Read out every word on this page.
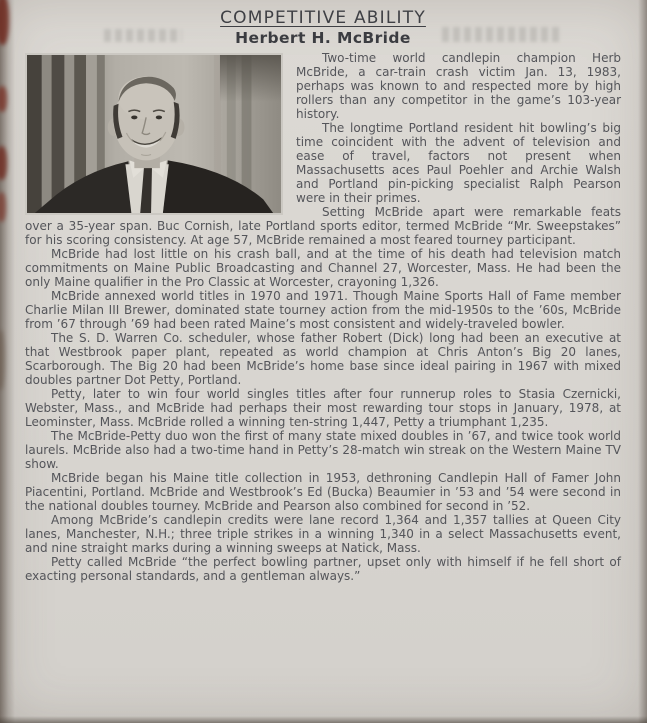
COMPETITIVE ABILITY
Herbert H. McBride

Two-time world candlepin champion Herb McBride, a car-train crash victim Jan. 13, 1983, perhaps was known to and respected more by high rollers than any competitor in the game’s 103-year history.

The longtime Portland resident hit bowling’s big time coincident with the advent of television and ease of travel, factors not present when Massachusetts aces Paul Poehler and Archie Walsh and Portland pin-picking specialist Ralph Pearson were in their primes.

Setting McBride apart were remarkable feats over a 35-year span. Buc Cornish, late Portland sports editor, termed McBride “Mr. Sweepstakes” for his scoring consistency. At age 57, McBride remained a most feared tourney participant.

McBride had lost little on his crash ball, and at the time of his death had television match commitments on Maine Public Broadcasting and Channel 27, Worcester, Mass. He had been the only Maine qualifier in the Pro Classic at Worcester, crayoning 1,326.

McBride annexed world titles in 1970 and 1971. Though Maine Sports Hall of Fame member Charlie Milan III Brewer, dominated state tourney action from the mid-1950s to the ’60s, McBride from ’67 through ’69 had been rated Maine’s most consistent and widely-traveled bowler.

The S. D. Warren Co. scheduler, whose father Robert (Dick) long had been an executive at that Westbrook paper plant, repeated as world champion at Chris Anton’s Big 20 lanes, Scarborough. The Big 20 had been McBride’s home base since ideal pairing in 1967 with mixed doubles partner Dot Petty, Portland.

Petty, later to win four world singles titles after four runnerup roles to Stasia Czernicki, Webster, Mass., and McBride had perhaps their most rewarding tour stops in January, 1978, at Leominster, Mass. McBride rolled a winning ten-string 1,447, Petty a triumphant 1,235.

The McBride-Petty duo won the first of many state mixed doubles in ’67, and twice took world laurels. McBride also had a two-time hand in Petty’s 28-match win streak on the Western Maine TV show.

McBride began his Maine title collection in 1953, dethroning Candlepin Hall of Famer John Piacentini, Portland. McBride and Westbrook’s Ed (Bucka) Beaumier in ’53 and ’54 were second in the national doubles tourney. McBride and Pearson also combined for second in ’52.

Among McBride’s candlepin credits were lane record 1,364 and 1,357 tallies at Queen City lanes, Manchester, N.H.; three triple strikes in a winning 1,340 in a select Massachusetts event, and nine straight marks during a winning sweeps at Natick, Mass.

Petty called McBride “the perfect bowling partner, upset only with himself if he fell short of exacting personal standards, and a gentleman always.”
